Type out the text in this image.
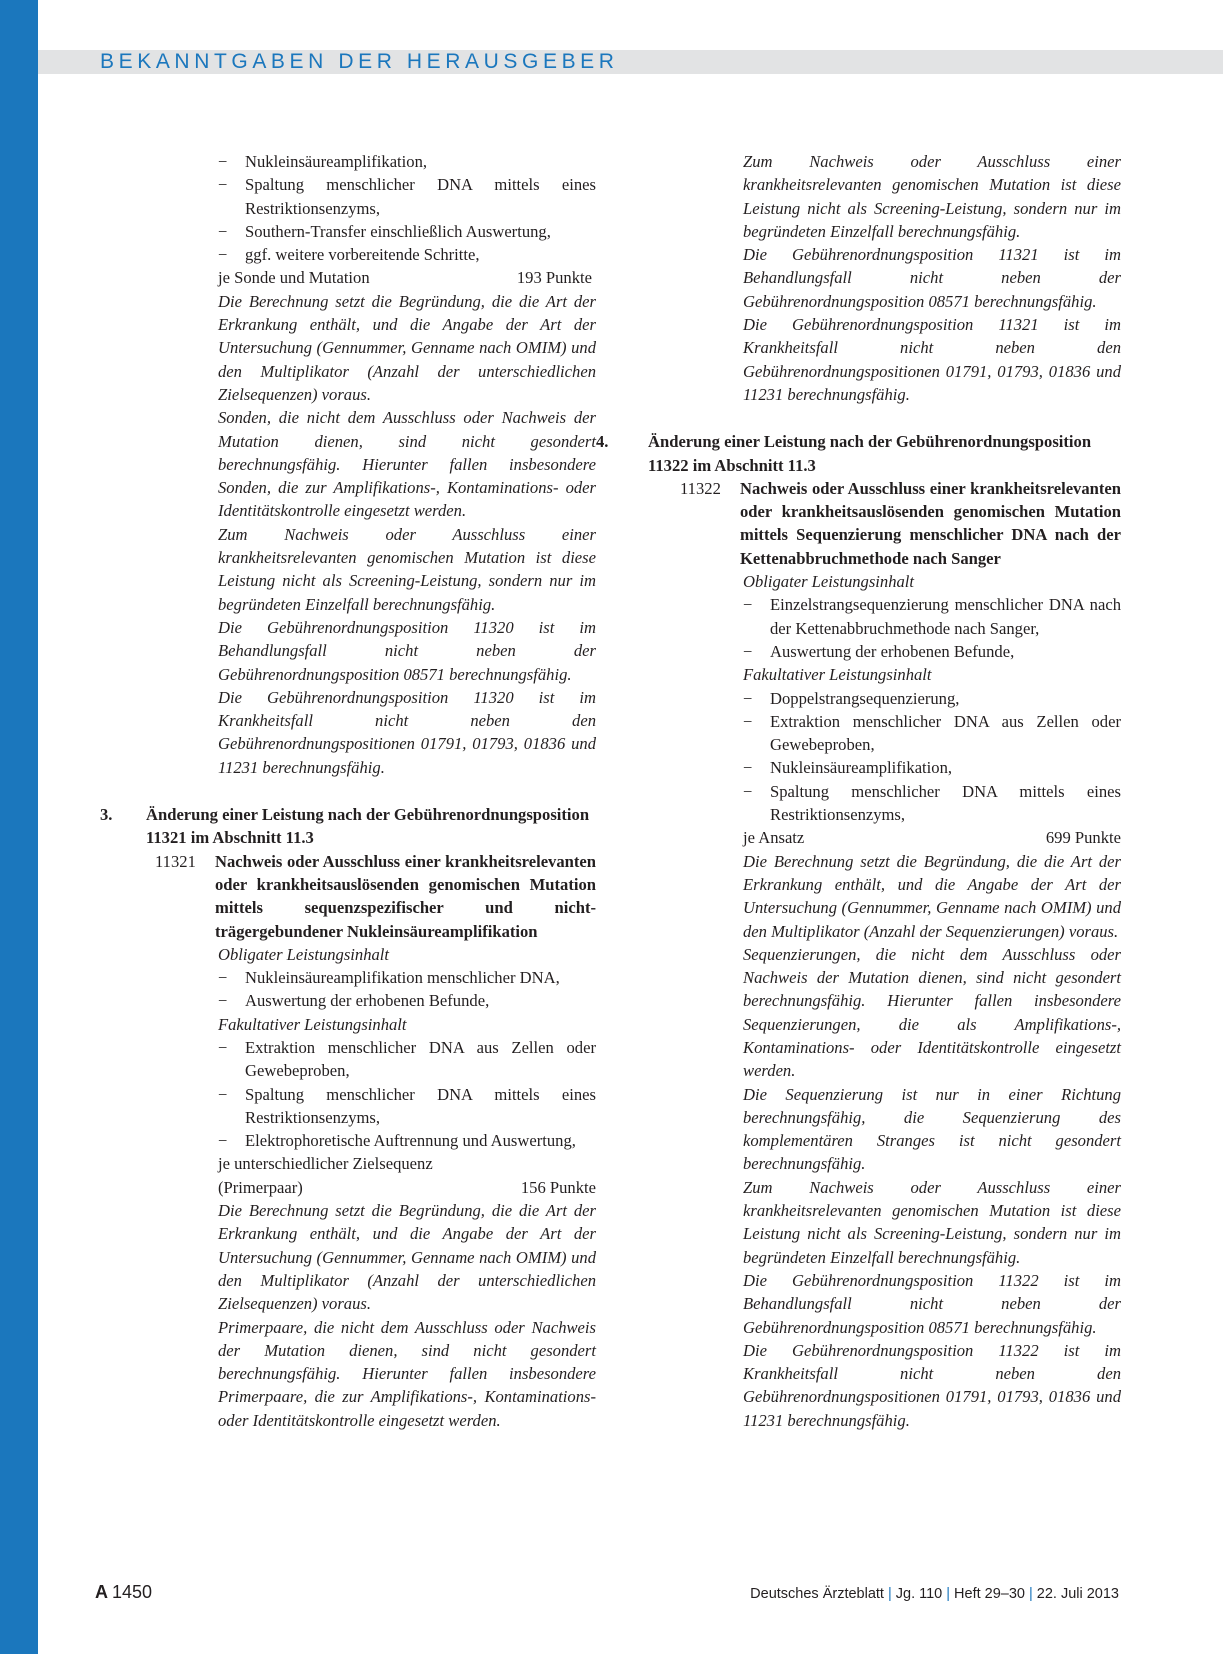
BEKANNTGABEN DER HERAUSGEBER
−	Nukleinsäureamplifikation,
−	Spaltung menschlicher DNA mittels eines Restriktionsenzyms,
−	Southern-Transfer einschließlich Auswertung,
−	ggf. weitere vorbereitende Schritte,
je Sonde und Mutation	193 Punkte

Die Berechnung setzt die Begründung, die die Art der Erkrankung enthält, und die Angabe der Art der Untersuchung (Gennummer, Genname nach OMIM) und den Multiplikator (Anzahl der unterschiedlichen Zielsequenzen) voraus.

Sonden, die nicht dem Ausschluss oder Nachweis der Mutation dienen, sind nicht gesondert berechnungsfähig. Hierunter fallen insbesondere Sonden, die zur Amplifikations-, Kontaminations- oder Identitätskontrolle eingesetzt werden.

Zum Nachweis oder Ausschluss einer krankheitsrelevanten genomischen Mutation ist diese Leistung nicht als Screening-Leistung, sondern nur im begründeten Einzelfall berechnungsfähig.

Die Gebührenordnungsposition 11320 ist im Behandlungsfall nicht neben der Gebührenordnungsposition 08571 berechnungsfähig.

Die Gebührenordnungsposition 11320 ist im Krankheitsfall nicht neben den Gebührenordnungspositionen 01791, 01793, 01836 und 11231 berechnungsfähig.

3.	Änderung einer Leistung nach der Gebührenordnungsposition 11321 im Abschnitt 11.3
11321	Nachweis oder Ausschluss einer krankheitsrelevanten oder krankheitsauslösenden genomischen Mutation mittels sequenzspezifischer und nicht-trägergebundener Nukleinsäureamplifikation

Obligater Leistungsinhalt

−	Nukleinsäureamplifikation menschlicher DNA,
−	Auswertung der erhobenen Befunde,

Fakultativer Leistungsinhalt

−	Extraktion menschlicher DNA aus Zellen oder Gewebeproben,
−	Spaltung menschlicher DNA mittels eines Restriktionsenzyms,
−	Elektrophoretische Auftrennung und Auswertung,

je unterschiedlicher Zielsequenz

(Primerpaar)	156 Punkte

Die Berechnung setzt die Begründung, die die Art der Erkrankung enthält, und die Angabe der Art der Untersuchung (Gennummer, Genname nach OMIM) und den Multiplikator (Anzahl der unterschiedlichen Zielsequenzen) voraus.

Primerpaare, die nicht dem Ausschluss oder Nachweis der Mutation dienen, sind nicht gesondert berechnungsfähig. Hierunter fallen insbesondere Primerpaare, die zur Amplifikations-, Kontaminations- oder Identitätskontrolle eingesetzt werden.

Zum Nachweis oder Ausschluss einer krankheitsrelevanten genomischen Mutation ist diese Leistung nicht als Screening-Leistung, sondern nur im begründeten Einzelfall berechnungsfähig.

Die Gebührenordnungsposition 11321 ist im Behandlungsfall nicht neben der Gebührenordnungsposition 08571 berechnungsfähig.

Die Gebührenordnungsposition 11321 ist im Krankheitsfall nicht neben den Gebührenordnungspositionen 01791, 01793, 01836 und 11231 berechnungsfähig.

4.	Änderung einer Leistung nach der Gebührenordnungsposition 11322 im Abschnitt 11.3
11322	Nachweis oder Ausschluss einer krankheitsrelevanten oder krankheitsauslösenden genomischen Mutation mittels Sequenzierung menschlicher DNA nach der Kettenabbruchmethode nach Sanger

Obligater Leistungsinhalt

−	Einzelstrangsequenzierung menschlicher DNA nach der Kettenabbruchmethode nach Sanger,
−	Auswertung der erhobenen Befunde,

Fakultativer Leistungsinhalt

−	Doppelstrangsequenzierung,
−	Extraktion menschlicher DNA aus Zellen oder Gewebeproben,
−	Nukleinsäureamplifikation,
−	Spaltung menschlicher DNA mittels eines Restriktionsenzyms,
je Ansatz	699 Punkte

Die Berechnung setzt die Begründung, die die Art der Erkrankung enthält, und die Angabe der Art der Untersuchung (Gennummer, Genname nach OMIM) und den Multiplikator (Anzahl der Sequenzierungen) voraus.

Sequenzierungen, die nicht dem Ausschluss oder Nachweis der Mutation dienen, sind nicht gesondert berechnungsfähig. Hierunter fallen insbesondere Sequenzierungen, die als Amplifikations-, Kontaminations- oder Identitätskontrolle eingesetzt werden.

Die Sequenzierung ist nur in einer Richtung berechnungsfähig, die Sequenzierung des komplementären Stranges ist nicht gesondert berechnungsfähig.

Zum Nachweis oder Ausschluss einer krankheitsrelevanten genomischen Mutation ist diese Leistung nicht als Screening-Leistung, sondern nur im begründeten Einzelfall berechnungsfähig.

Die Gebührenordnungsposition 11322 ist im Behandlungsfall nicht neben der Gebührenordnungsposition 08571 berechnungsfähig.

Die Gebührenordnungsposition 11322 ist im Krankheitsfall nicht neben den Gebührenordnungspositionen 01791, 01793, 01836 und 11231 berechnungsfähig.

A 1450	Deutsches Ärzteblatt | Jg. 110 | Heft 29–30 | 22. Juli 2013
